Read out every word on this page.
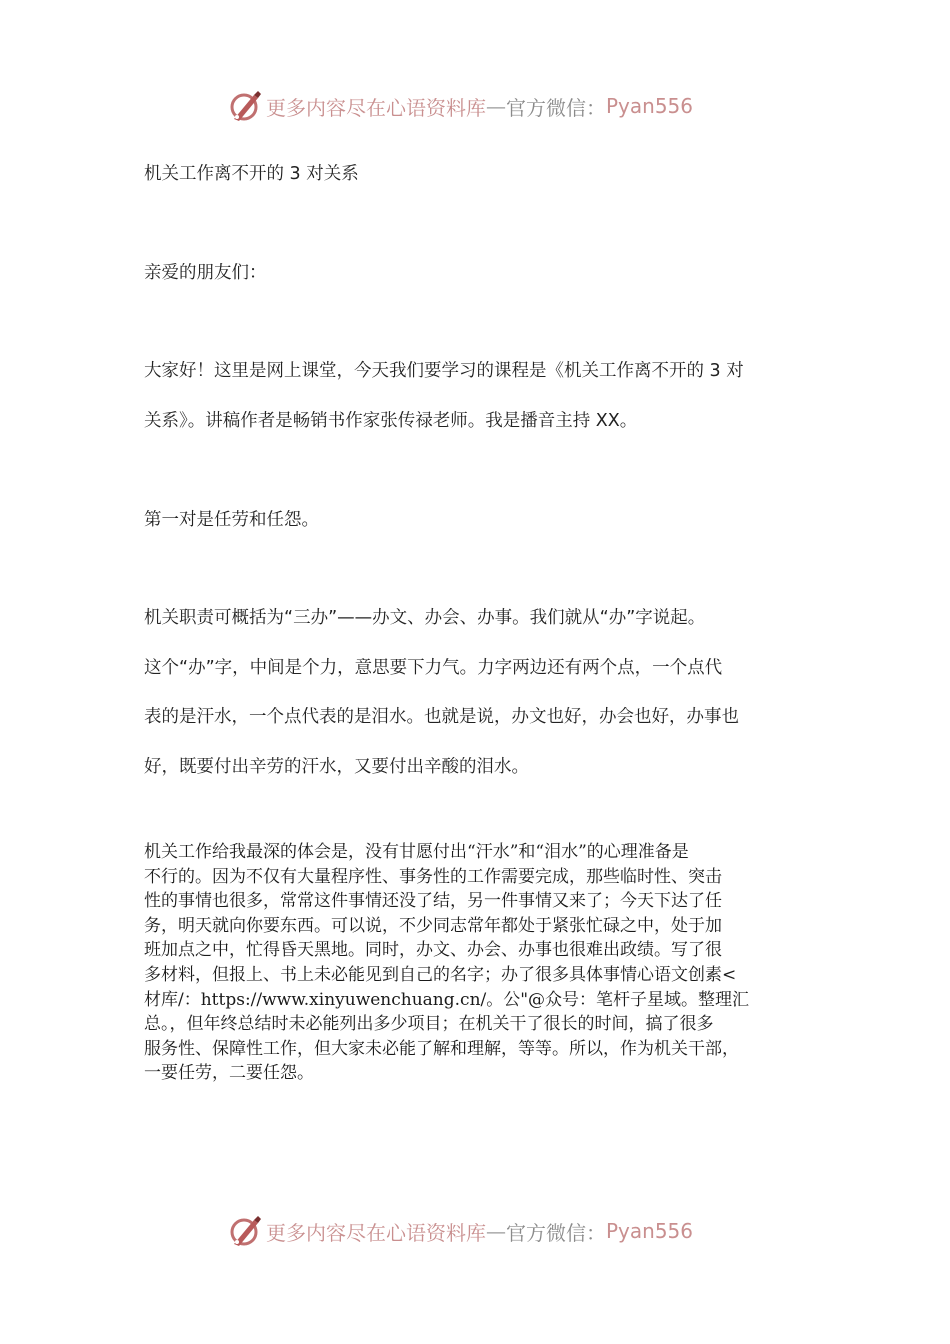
更多内容尽在心语资料库 — 官方微信： Pyan556
机关工作离不开的 3 对关系
亲爱的朋友们：
大家好！这里是网上课堂，今天我们要学习的课程是《机关工作离不开的 3 对
关系》。讲稿作者是畅销书作家张传禄老师。我是播音主持 XX。
第一对是任劳和任怨。
机关职责可概括为“三办”——办文、办会、办事。我们就从“办”字说起。
这个“办”字，中间是个力，意思要下力气。力字两边还有两个点，一个点代
表的是汗水，一个点代表的是泪水。也就是说，办文也好，办会也好，办事也
好，既要付出辛劳的汗水，又要付出辛酸的泪水。
机关工作给我最深的体会是，没有甘愿付出“汗水”和“泪水”的心理准备是
不行的。因为不仅有大量程序性、事务性的工作需要完成，那些临时性、突击
性的事情也很多，常常这件事情还没了结，另一件事情又来了；今天下达了任
务，明天就向你要东西。可以说，不少同志常年都处于紧张忙碌之中，处于加
班加点之中，忙得昏天黑地。同时，办文、办会、办事也很难出政绩。写了很
多材料，但报上、书上未必能见到自己的名字；办了很多具体事情心语文创素<
材库/：https://www.xinyuwenchuang.cn/。公"@众号：笔杆子星域。整理汇
总。，但年终总结时未必能列出多少项目；在机关干了很长的时间，搞了很多
服务性、保障性工作，但大家未必能了解和理解，等等。所以，作为机关干部，
一要任劳，二要任怨。
更多内容尽在心语资料库 — 官方微信： Pyan556
